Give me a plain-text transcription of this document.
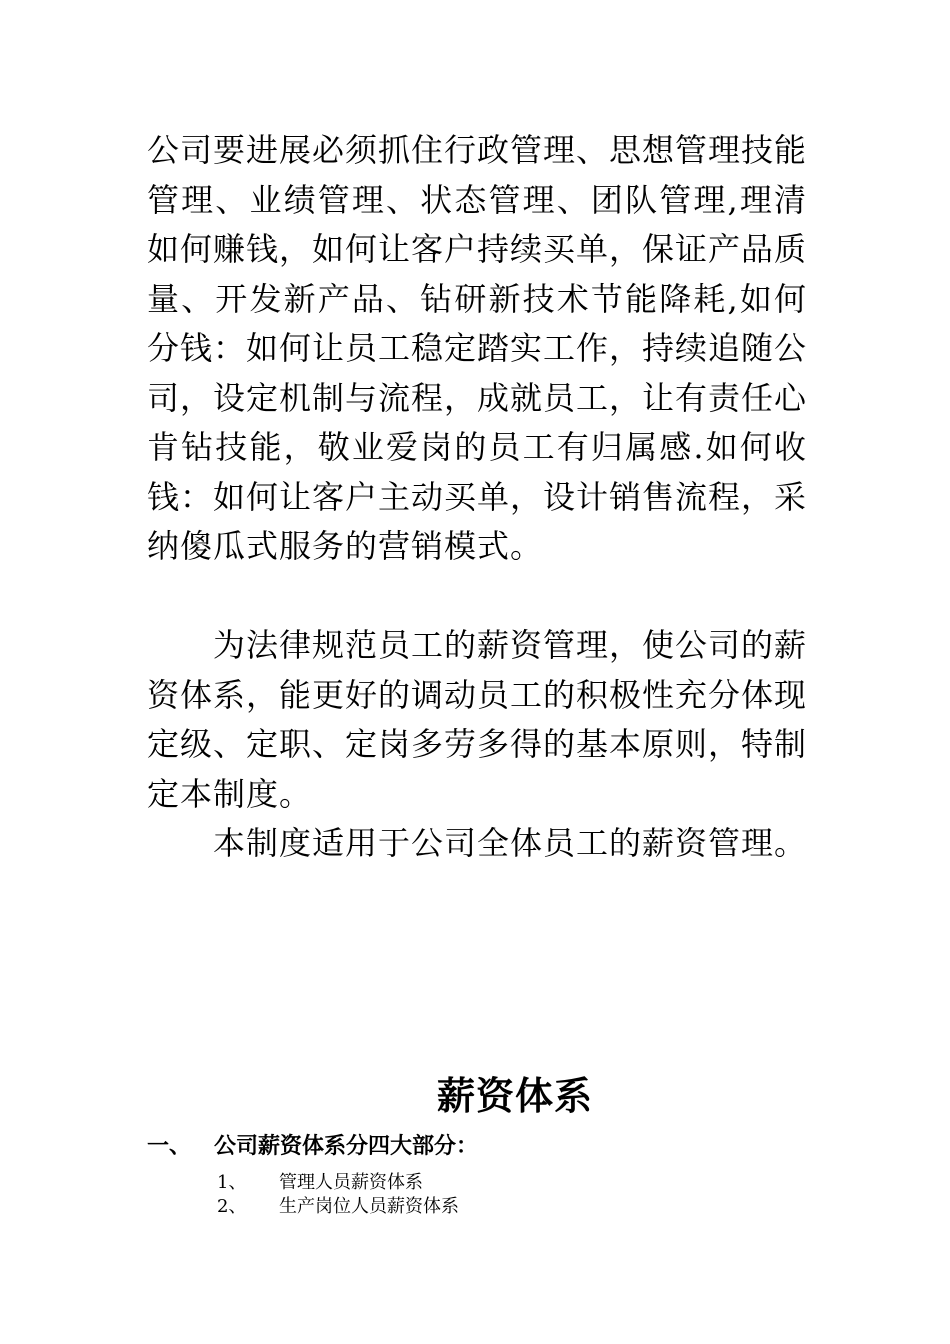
公司要进展必须抓住行政管理、思想管理技能管理、业绩管理、状态管理、团队管理,理清如何赚钱，如何让客户持续买单，保证产品质量、开发新产品、钻研新技术节能降耗,如何分钱：如何让员工稳定踏实工作，持续追随公司，设定机制与流程，成就员工，让有责任心肯钻技能，敬业爱岗的员工有归属感.如何收钱：如何让客户主动买单，设计销售流程，采纳傻瓜式服务的营销模式。

为法律规范员工的薪资管理，使公司的薪资体系，能更好的调动员工的积极性充分体现定级、定职、定岗多劳多得的基本原则，特制定本制度。

本制度适用于公司全体员工的薪资管理。

薪资体系
一、 公司薪资体系分四大部分：
1、 管理人员薪资体系
2、 生产岗位人员薪资体系
